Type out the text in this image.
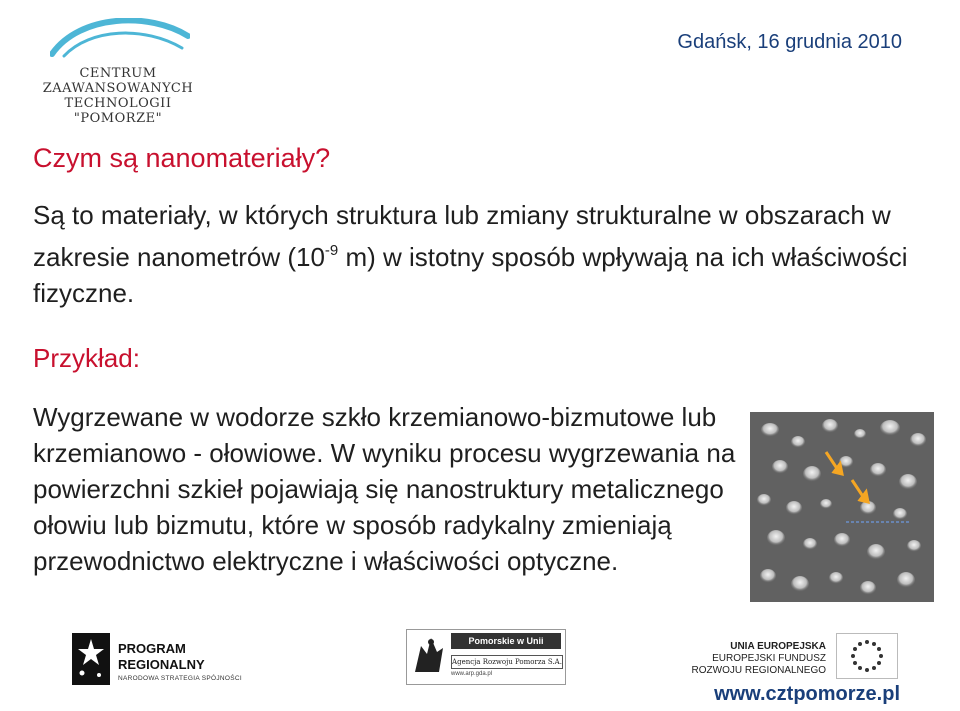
CENTRUM
ZAAWANSOWANYCH
TECHNOLOGII
"POMORZE"
Gdańsk, 16 grudnia 2010
Czym są nanomateriały?
Są to materiały, w których struktura lub zmiany strukturalne w obszarach w zakresie nanometrów ($10^{-9}$ m) w istotny sposób wpływają na ich właściwości fizyczne.
Przykład:
Wygrzewane w wodorze szkło krzemianowo-bizmutowe lub krzemianowo - ołowiowe. W wyniku procesu wygrzewania na powierzchni szkieł pojawiają się nanostruktury metalicznego ołowiu lub bizmutu, które w sposób radykalny zmieniają przewodnictwo elektryczne i właściwości optyczne.
PROGRAM
REGIONALNY
NARODOWA STRATEGIA SPÓJNOŚCI
Pomorskie w Unii
Agencja Rozwoju Pomorza S.A.
www.arp.gda.pl
UNIA EUROPEJSKA
EUROPEJSKI FUNDUSZ
ROZWOJU REGIONALNEGO
www.cztpomorze.pl
